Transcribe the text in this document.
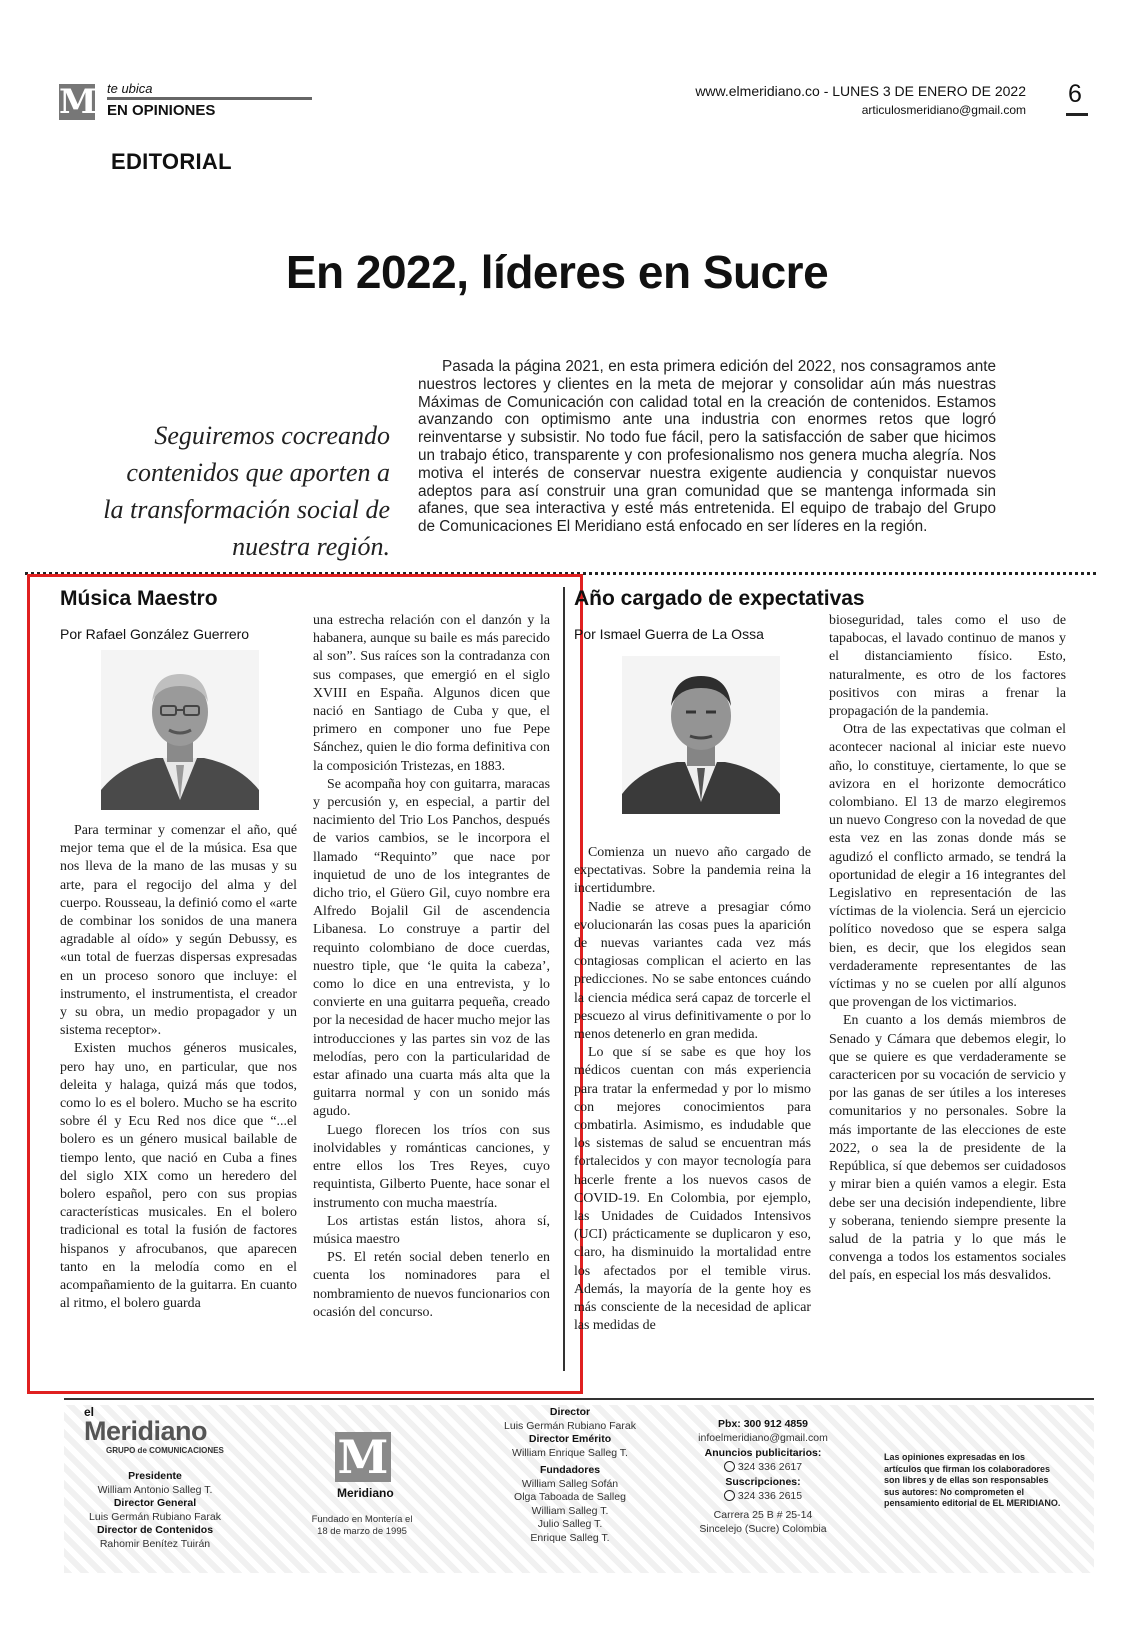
M te ubica
EN OPINIONES
EDITORIAL
www.elmeridiano.co - LUNES 3 DE ENERO DE 2022
articulosmeridiano@gmail.com
6
En 2022, líderes en Sucre
Seguiremos cocreando contenidos que aporten a la transformación social de nuestra región.
Pasada la página 2021, en esta primera edición del 2022, nos consagramos ante nuestros lectores y clientes en la meta de mejorar y consolidar aún más nuestras Máximas de Comunicación con calidad total en la creación de contenidos. Estamos avanzando con optimismo ante una industria con enormes retos que logró reinventarse y subsistir. No todo fue fácil, pero la satisfacción de saber que hicimos un trabajo ético, transparente y con profesionalismo nos genera mucha alegría. Nos motiva el interés de conservar nuestra exigente audiencia y conquistar nuevos adeptos para así construir una gran comunidad que se mantenga informada sin afanes, que sea interactiva y esté más entretenida. El equipo de trabajo del Grupo de Comunicaciones El Meridiano está enfocado en ser líderes en la región.
Música Maestro
Por Rafael González Guerrero

Para terminar y comenzar el año, qué mejor tema que el de la música. Esa que nos lleva de la mano de las musas y su arte, para el regocijo del alma y del cuerpo. Rousseau, la definió como el «arte de combinar los sonidos de una manera agradable al oído» y según Debussy, es «un total de fuerzas dispersas expresadas en un proceso sonoro que incluye: el instrumento, el instrumentista, el creador y su obra, un medio propagador y un sistema receptor».

Existen muchos géneros musicales, pero hay uno, en particular, que nos deleita y halaga, quizá más que todos, como lo es el bolero. Mucho se ha escrito sobre él y Ecu Red nos dice que “...el bolero es un género musical bailable de tiempo lento, que nació en Cuba a fines del siglo XIX como un heredero del bolero español, pero con sus propias características musicales. En el bolero tradicional es total la fusión de factores hispanos y afrocubanos, que aparecen tanto en la melodía como en el acompañamiento de la guitarra. En cuanto al ritmo, el bolero guarda

una estrecha relación con el danzón y la habanera, aunque su baile es más parecido al son”. Sus raíces son la contradanza con sus compases, que emergió en el siglo XVIII en España. Algunos dicen que nació en Santiago de Cuba y que, el primero en componer uno fue Pepe Sánchez, quien le dio forma definitiva con la composición Tristezas, en 1883.

Se acompaña hoy con guitarra, maracas y percusión y, en especial, a partir del nacimiento del Trio Los Panchos, después de varios cambios, se le incorpora el llamado “Requinto” que nace por inquietud de uno de los integrantes de dicho trio, el Güero Gil, cuyo nombre era Alfredo Bojalil Gil de ascendencia Libanesa. Lo construye a partir del requinto colombiano de doce cuerdas, nuestro tiple, que ‘le quita la cabeza’, como lo dice en una entrevista, y lo convierte en una guitarra pequeña, creado por la necesidad de hacer mucho mejor las introducciones y las partes sin voz de las melodías, pero con la particularidad de estar afinado una cuarta más alta que la guitarra normal y con un sonido más agudo.

Luego florecen los tríos con sus inolvidables y románticas canciones, y entre ellos los Tres Reyes, cuyo requintista, Gilberto Puente, hace sonar el instrumento con mucha maestría.

Los artistas están listos, ahora sí, música maestro

PS. El retén social deben tenerlo en cuenta los nominadores para el nombramiento de nuevos funcionarios con ocasión del concurso.

Año cargado de expectativas
Por Ismael Guerra de La Ossa

Comienza un nuevo año cargado de expectativas. Sobre la pandemia reina la incertidumbre.

Nadie se atreve a presagiar cómo evolucionarán las cosas pues la aparición de nuevas variantes cada vez más contagiosas complican el acierto en las predicciones. No se sabe entonces cuándo la ciencia médica será capaz de torcerle el pescuezo al virus definitivamente o por lo menos detenerlo en gran medida.

Lo que sí se sabe es que hoy los médicos cuentan con más experiencia para tratar la enfermedad y por lo mismo con mejores conocimientos para combatirla. Asimismo, es indudable que los sistemas de salud se encuentran más fortalecidos y con mayor tecnología para hacerle frente a los nuevos casos de COVID-19. En Colombia, por ejemplo, las Unidades de Cuidados Intensivos (UCI) prácticamente se duplicaron y eso, claro, ha disminuido la mortalidad entre los afectados por el temible virus. Además, la mayoría de la gente hoy es más consciente de la necesidad de aplicar las medidas de

bioseguridad, tales como el uso de tapabocas, el lavado continuo de manos y el distanciamiento físico. Esto, naturalmente, es otro de los factores positivos con miras a frenar la propagación de la pandemia.

Otra de las expectativas que colman el acontecer nacional al iniciar este nuevo año, lo constituye, ciertamente, lo que se avizora en el horizonte democrático colombiano. El 13 de marzo elegiremos un nuevo Congreso con la novedad de que esta vez en las zonas donde más se agudizó el conflicto armado, se tendrá la oportunidad de elegir a 16 integrantes del Legislativo en representación de las víctimas de la violencia. Será un ejercicio político novedoso que se espera salga bien, es decir, que los elegidos sean verdaderamente representantes de las víctimas y no se cuelen por allí algunos que provengan de los victimarios.

En cuanto a los demás miembros de Senado y Cámara que debemos elegir, lo que se quiere es que verdaderamente se caractericen por su vocación de servicio y por las ganas de ser útiles a los intereses comunitarios y no personales. Sobre la más importante de las elecciones de este 2022, o sea la de presidente de la República, sí que debemos ser cuidadosos y mirar bien a quién vamos a elegir. Esta debe ser una decisión independiente, libre y soberana, teniendo siempre presente la salud de la patria y lo que más le convenga a todos los estamentos sociales del país, en especial los más desvalidos.

el
Meridiano
GRUPO de COMUNICACIONES
Presidente
William Antonio Salleg T.
Director General
Luis Germán Rubiano Farak
Director de Contenidos
Rahomir Benítez Tuirán
M
Meridiano
Fundado en Montería el 18 de marzo de 1995
Director
Luis Germán Rubiano Farak
Director Emérito
William Enrique Salleg T.
Fundadores
William Salleg Sofán
Olga Taboada de Salleg
William Salleg T.
Julio Salleg T.
Enrique Salleg T.
Pbx: 300 912 4859
infoelmeridiano@gmail.com
Anuncios publicitarios:
324 336 2617
Suscripciones:
324 336 2615
Carrera 25 B # 25-14
Sincelejo (Sucre) Colombia
Las opiniones expresadas en los artículos que firman los colaboradores son libres y de ellas son responsables sus autores: No comprometen el pensamiento editorial de EL MERIDIANO.
